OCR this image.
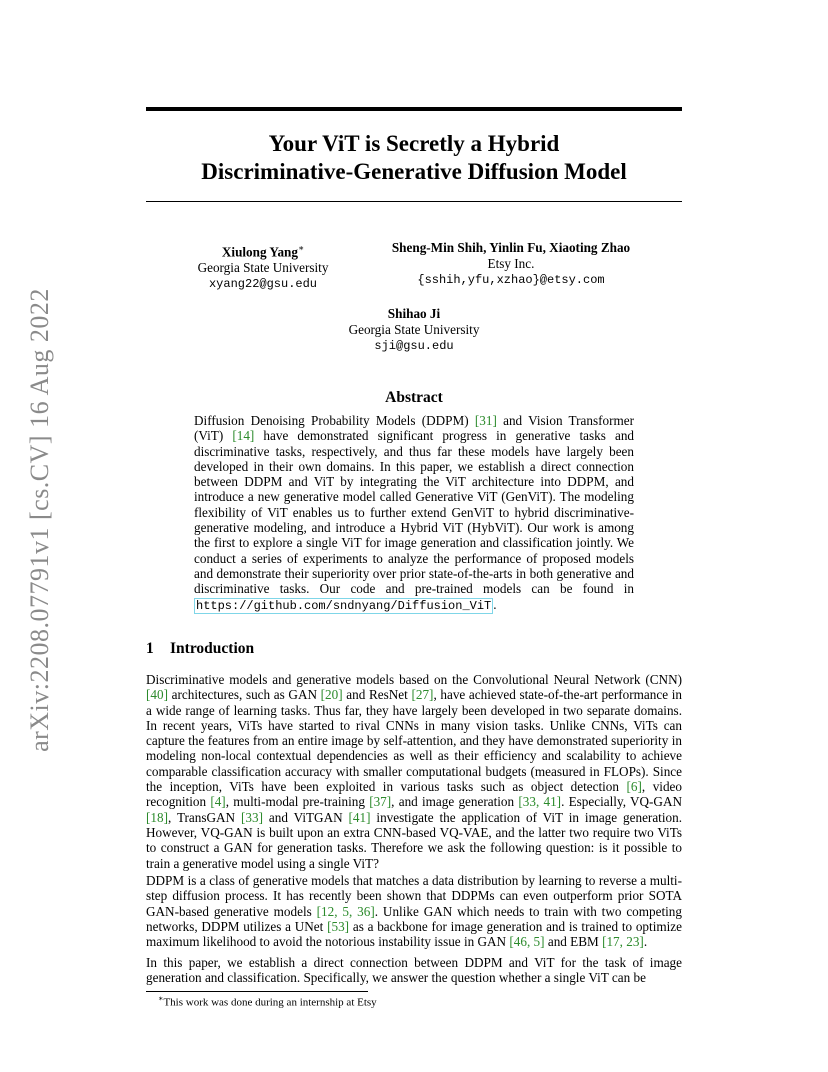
arXiv:2208.07791v1 [cs.CV] 16 Aug 2022
Your ViT is Secretly a Hybrid
Discriminative-Generative Diffusion Model
Xiulong Yang∗
Georgia State University
xyang22@gsu.edu
Sheng-Min Shih, Yinlin Fu, Xiaoting Zhao
Etsy Inc.
{sshih,yfu,xzhao}@etsy.com
Shihao Ji
Georgia State University
sji@gsu.edu
Abstract
Diffusion Denoising Probability Models (DDPM) [31] and Vision Transformer (ViT) [14] have demonstrated significant progress in generative tasks and discriminative tasks, respectively, and thus far these models have largely been developed in their own domains. In this paper, we establish a direct connection between DDPM and ViT by integrating the ViT architecture into DDPM, and introduce a new generative model called Generative ViT (GenViT). The modeling flexibility of ViT enables us to further extend GenViT to hybrid discriminative-generative modeling, and introduce a Hybrid ViT (HybViT). Our work is among the first to explore a single ViT for image generation and classification jointly. We conduct a series of experiments to analyze the performance of proposed models and demonstrate their superiority over prior state-of-the-arts in both generative and discriminative tasks. Our code and pre-trained models can be found in https://github.com/sndnyang/Diffusion_ViT .
1 Introduction
Discriminative models and generative models based on the Convolutional Neural Network (CNN) [40] architectures, such as GAN [20] and ResNet [27], have achieved state-of-the-art performance in a wide range of learning tasks. Thus far, they have largely been developed in two separate domains. In recent years, ViTs have started to rival CNNs in many vision tasks. Unlike CNNs, ViTs can capture the features from an entire image by self-attention, and they have demonstrated superiority in modeling non-local contextual dependencies as well as their efficiency and scalability to achieve comparable classification accuracy with smaller computational budgets (measured in FLOPs). Since the inception, ViTs have been exploited in various tasks such as object detection [6], video recognition [4], multi-modal pre-training [37], and image generation [33, 41]. Especially, VQ-GAN [18], TransGAN [33] and ViTGAN [41] investigate the application of ViT in image generation. However, VQ-GAN is built upon an extra CNN-based VQ-VAE, and the latter two require two ViTs to construct a GAN for generation tasks. Therefore we ask the following question: is it possible to train a generative model using a single ViT?
DDPM is a class of generative models that matches a data distribution by learning to reverse a multi-step diffusion process. It has recently been shown that DDPMs can even outperform prior SOTA GAN-based generative models [12, 5, 36]. Unlike GAN which needs to train with two competing networks, DDPM utilizes a UNet [53] as a backbone for image generation and is trained to optimize maximum likelihood to avoid the notorious instability issue in GAN [46, 5] and EBM [17, 23].
In this paper, we establish a direct connection between DDPM and ViT for the task of image generation and classification. Specifically, we answer the question whether a single ViT can be
∗This work was done during an internship at Etsy
